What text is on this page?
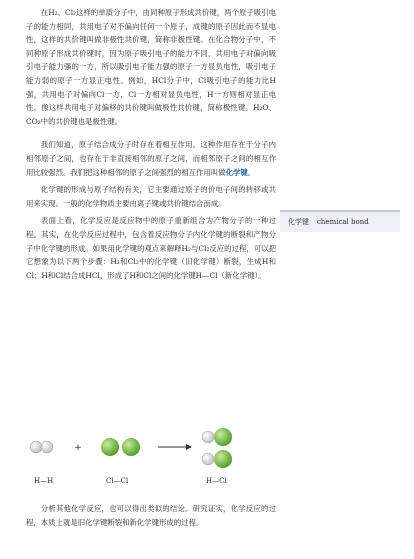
在H₂、Cl₂这样的单质分子中，由同种原子形成共价键，两个原子吸引电子的能力相同，共用电子对不偏向任何一个原子，成键的原子因此而不显电性，这样的共价键叫做非极性共价键，简称非极性键。在化合物分子中，不同种原子形成共价键时，因为原子吸引电子的能力不同，共用电子对偏向吸引电子能力强的一方，所以吸引电子能力强的原子一方显负电性，吸引电子能力弱的原子一方显正电性。例如，HCl分子中，Cl吸引电子的能力比H强，共用电子对偏向Cl一方，Cl一方相对显负电性，H一方则相对显正电性。像这样共用电子对偏移的共价键叫做极性共价键，简称极性键。H₂O、CO₂中的共价键也是极性键。

我们知道，原子结合成分子时存在着相互作用。这种作用存在于分子内相邻原子之间，也存在于非直接相邻的原子之间，而相邻原子之间的相互作用比较强烈。我们把这种相邻的原子之间强烈的相互作用叫做化学键。

化学键的形成与原子结构有关，它主要通过原子的价电子间的转移或共用来实现。一般的化学物质主要由离子键或共价键结合而成。

表面上看，化学反应是反应物中的原子重新组合为产物分子的一种过程。其实，在化学反应过程中，包含着反应物分子内化学键的断裂和产物分子中化学键的形成。如果用化学键的观点来解释H₂与Cl₂反应的过程，可以把它想象为以下两个步骤：H₂和Cl₂中的化学键（旧化学键）断裂，生成H和Cl；H和Cl结合成HCl，形成了H和Cl之间的化学键H—Cl（新化学键）。

化学键 chemical bond
+
H—H	Cl—Cl	H—Cl

分析其他化学反应，也可以得出类似的结论。研究证实，化学反应的过程，本质上就是旧化学键断裂和新化学键形成的过程。
